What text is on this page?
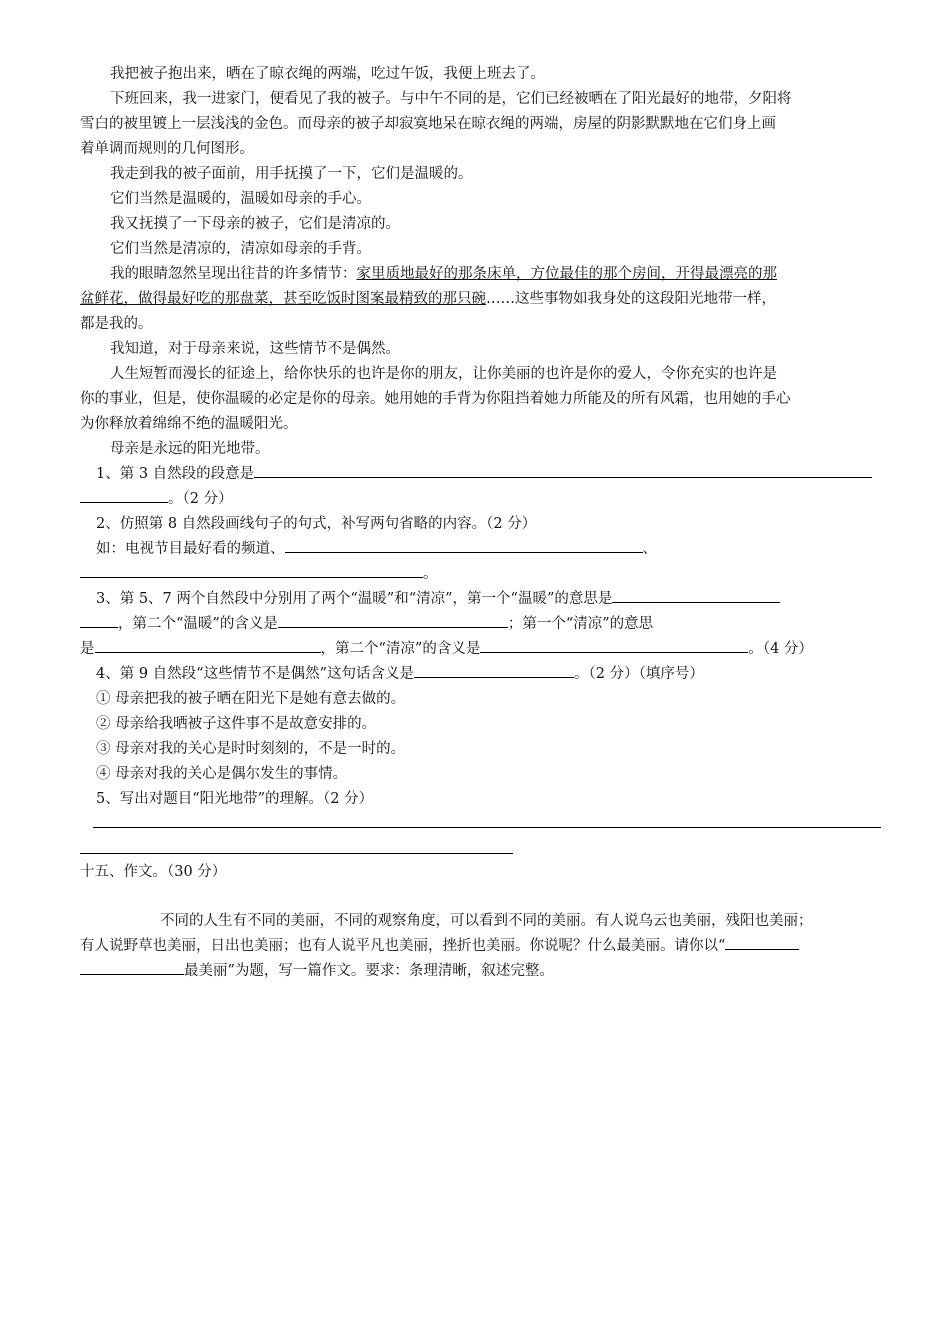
我把被子抱出来，晒在了晾衣绳的两端，吃过午饭，我便上班去了。
下班回来，我一进家门，便看见了我的被子。与中午不同的是，它们已经被晒在了阳光最好的地带，夕阳将
雪白的被里镀上一层浅浅的金色。而母亲的被子却寂寞地呆在晾衣绳的两端，房屋的阴影默默地在它们身上画
着单调而规则的几何图形。
我走到我的被子面前，用手抚摸了一下，它们是温暖的。
它们当然是温暖的，温暖如母亲的手心。
我又抚摸了一下母亲的被子，它们是清凉的。
它们当然是清凉的，清凉如母亲的手背。
我的眼睛忽然呈现出往昔的许多情节：家里质地最好的那条床单，方位最佳的那个房间，开得最漂亮的那
盆鲜花，做得最好吃的那盘菜，甚至吃饭时图案最精致的那只碗……这些事物如我身处的这段阳光地带一样，
都是我的。
我知道，对于母亲来说，这些情节不是偶然。
人生短暂而漫长的征途上，给你快乐的也许是你的朋友，让你美丽的也许是你的爱人，令你充实的也许是
你的事业，但是，使你温暖的必定是你的母亲。她用她的手背为你阻挡着她力所能及的所有风霜，也用她的手心
为你释放着绵绵不绝的温暖阳光。
母亲是永远的阳光地带。
1、第 3 自然段的段意是
。（2 分）
2、仿照第 8 自然段画线句子的句式，补写两句省略的内容。（2 分）
如：电视节目最好看的频道、	、
。
3、第 5、7 两个自然段中分别用了两个“温暖”和“清凉”，第一个“温暖”的意思是
，第二个“温暖”的含义是	；第一个“清凉”的意思
是	，第二个“清凉”的含义是	。（4 分）
4、第 9 自然段“这些情节不是偶然”这句话含义是	。（2 分）（填序号）
① 母亲把我的被子晒在阳光下是她有意去做的。
② 母亲给我晒被子这件事不是故意安排的。
③ 母亲对我的关心是时时刻刻的，不是一时的。
④ 母亲对我的关心是偶尔发生的事情。
5、写出对题目“阳光地带”的理解。（2 分）
十五、作文。（30 分）
不同的人生有不同的美丽，不同的观察角度，可以看到不同的美丽。有人说乌云也美丽，残阳也美丽；
有人说野草也美丽，日出也美丽；也有人说平凡也美丽，挫折也美丽。你说呢？什么最美丽。请你以“
最美丽”为题，写一篇作文。要求：条理清晰，叙述完整。
